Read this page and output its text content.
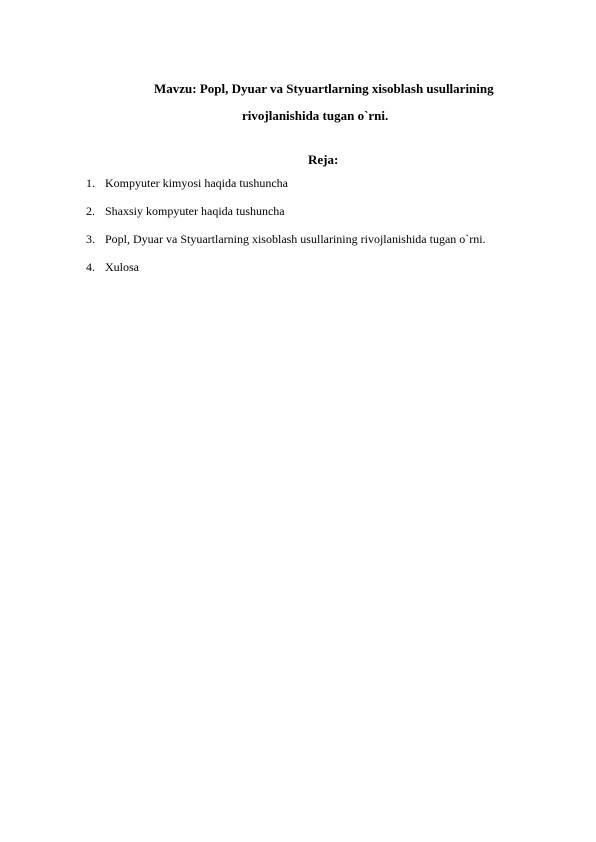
Mavzu: Popl, Dyuar va Styuartlarning xisoblash usullarining
rivojlanishida tugan o`rni.
Reja:
1. Kompyuter kimyosi haqida tushuncha
2. Shaxsiy kompyuter haqida tushuncha
3. Popl, Dyuar va Styuartlarning xisoblash usullarining rivojlanishida tugan o`rni.
4. Xulosa
